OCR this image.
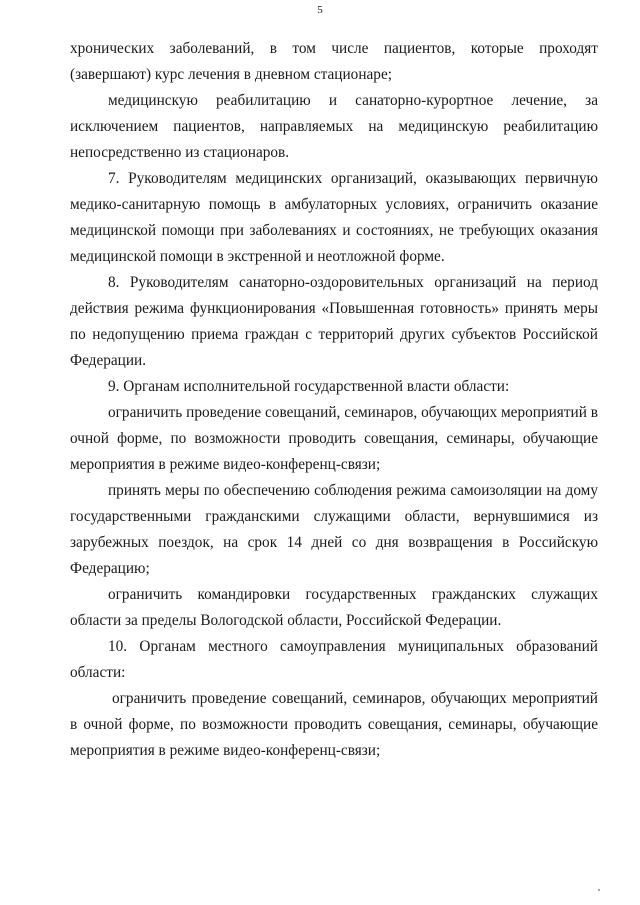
5

хронических заболеваний, в том числе пациентов, которые проходят (завершают) курс лечения в дневном стационаре;

медицинскую реабилитацию и санаторно-курортное лечение, за исключением пациентов, направляемых на медицинскую реабилитацию непосредственно из стационаров.

7. Руководителям медицинских организаций, оказывающих первичную медико-санитарную помощь в амбулаторных условиях, ограничить оказание медицинской помощи при заболеваниях и состояниях, не требующих оказания медицинской помощи в экстренной и неотложной форме.

8. Руководителям санаторно-оздоровительных организаций на период действия режима функционирования «Повышенная готовность» принять меры по недопущению приема граждан с территорий других субъектов Российской Федерации.

9. Органам исполнительной государственной власти области:

ограничить проведение совещаний, семинаров, обучающих мероприятий в очной форме, по возможности проводить совещания, семинары, обучающие мероприятия в режиме видео-конференц-связи;

принять меры по обеспечению соблюдения режима самоизоляции на дому государственными гражданскими служащими области, вернувшимися из зарубежных поездок, на срок 14 дней со дня возвращения в Российскую Федерацию;

ограничить командировки государственных гражданских служащих области за пределы Вологодской области, Российской Федерации.

10. Органам местного самоуправления муниципальных образований области:

ограничить проведение совещаний, семинаров, обучающих мероприятий в очной форме, по возможности проводить совещания, семинары, обучающие мероприятия в режиме видео-конференц-связи;
